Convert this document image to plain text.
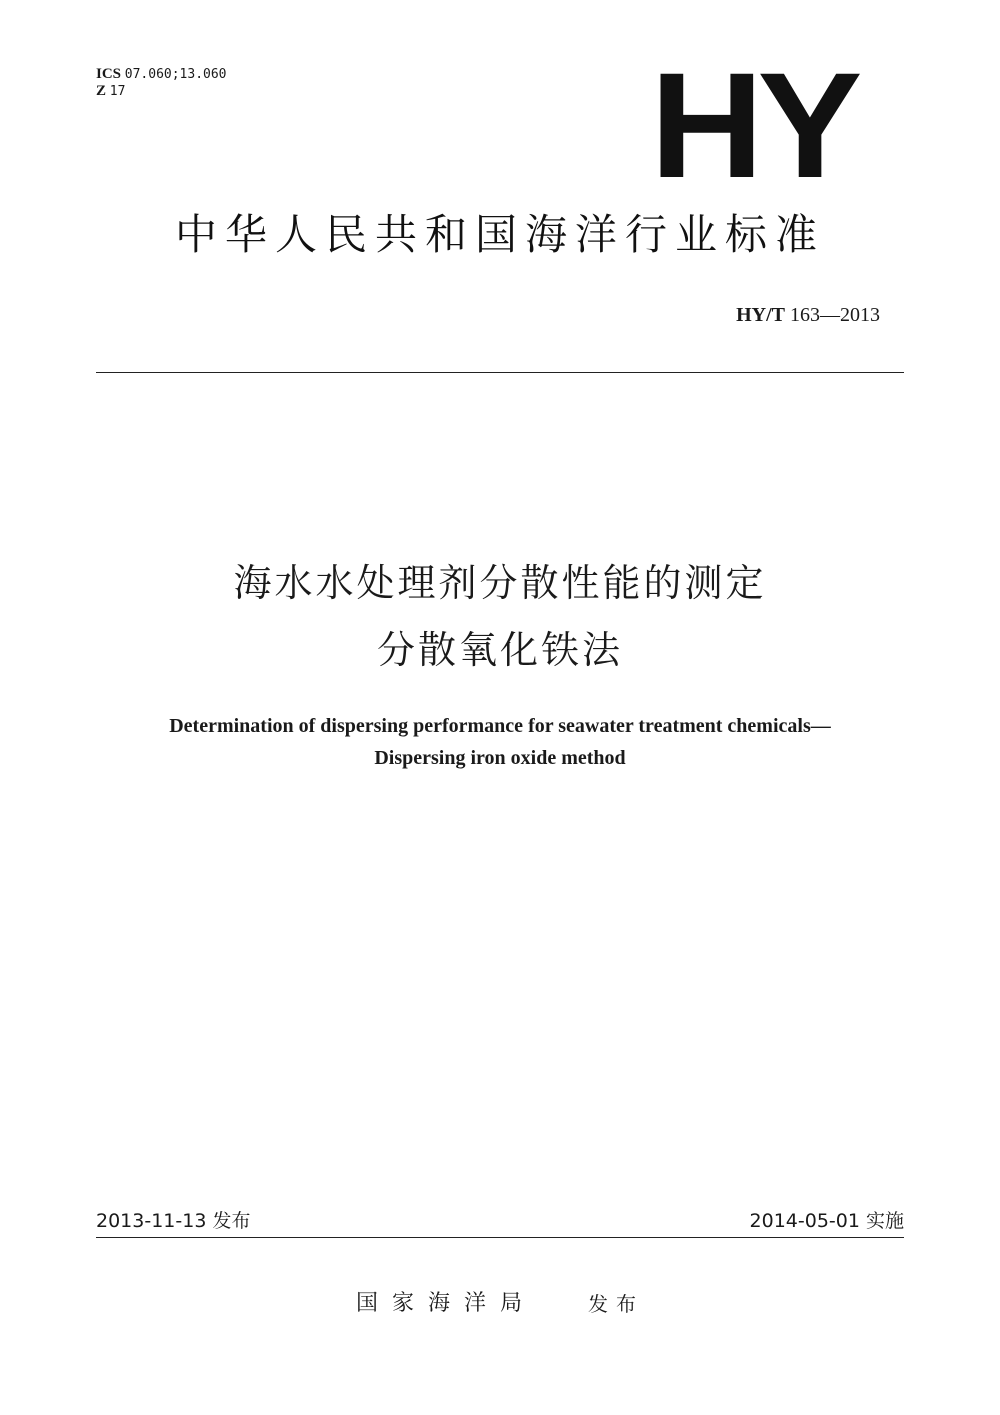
ICS 07.060;13.060
Z 17	HY
中华人民共和国海洋行业标准
HY/T 163—2013
海水水处理剂分散性能的测定
分散氧化铁法
Determination of dispersing performance for seawater treatment chemicals—
Dispersing iron oxide method
2013-11-13 发布	2014-05-01 实施
国家海洋局	发布
